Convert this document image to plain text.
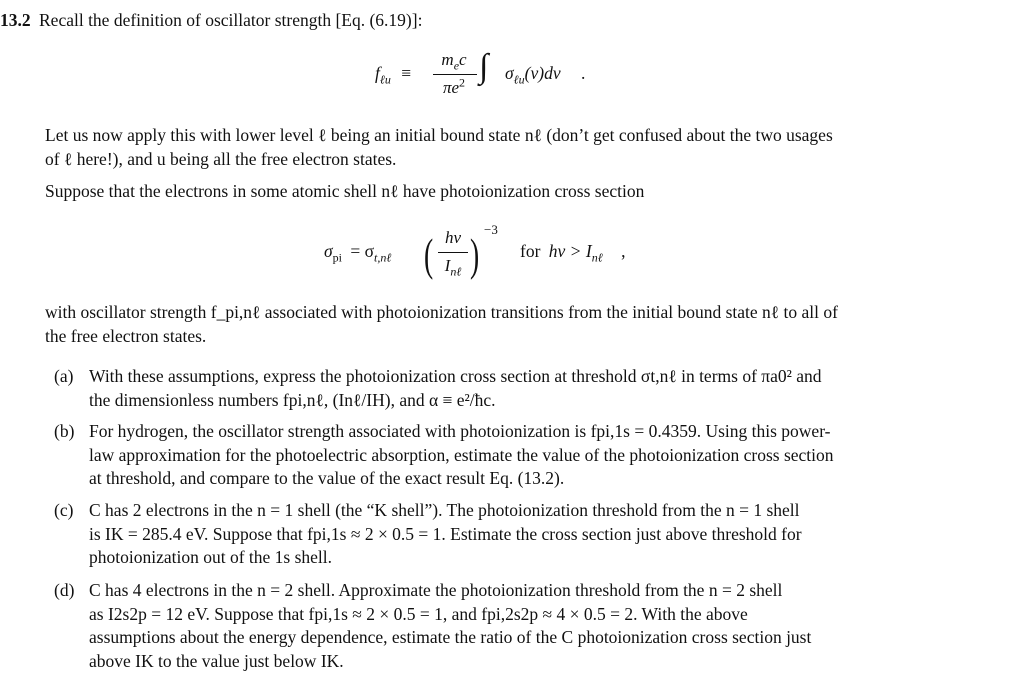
13.2 Recall the definition of oscillator strength [Eq. (6.19)]:
$f_{\ell u}$ ≡
$m_ec$
$\pi e^2$ ∫ $\sigma_{\ell u}(\nu)d\nu$ .
Let us now apply this with lower level ℓ being an initial bound state nℓ (don’t get confused about the two usages
of ℓ here!), and u being all the free electron states.
Suppose that the electrons in some atomic shell nℓ have photoionization cross section
$\sigma_{pi} = \sigma_{t,n\ell}$ ( hν
$I_{n\ell}$ ) −3
for $h\nu > I_{n\ell}$ ,
with oscillator strength f_pi,nℓ associated with photoionization transitions from the initial bound state nℓ to all of
the free electron states.
(a) With these assumptions, express the photoionization cross section at threshold σt,nℓ in terms of πa0² and
the dimensionless numbers fpi,nℓ, (Inℓ/IH), and α ≡ e²/ħc.
(b) For hydrogen, the oscillator strength associated with photoionization is fpi,1s = 0.4359. Using this power-
law approximation for the photoelectric absorption, estimate the value of the photoionization cross section
at threshold, and compare to the value of the exact result Eq. (13.2).
(c) C has 2 electrons in the n = 1 shell (the “K shell”). The photoionization threshold from the n = 1 shell
is IK = 285.4 eV. Suppose that fpi,1s ≈ 2 × 0.5 = 1. Estimate the cross section just above threshold for
photoionization out of the 1s shell.
(d) C has 4 electrons in the n = 2 shell. Approximate the photoionization threshold from the n = 2 shell
as I2s2p = 12 eV. Suppose that fpi,1s ≈ 2 × 0.5 = 1, and fpi,2s2p ≈ 4 × 0.5 = 2. With the above
assumptions about the energy dependence, estimate the ratio of the C photoionization cross section just
above IK to the value just below IK.
